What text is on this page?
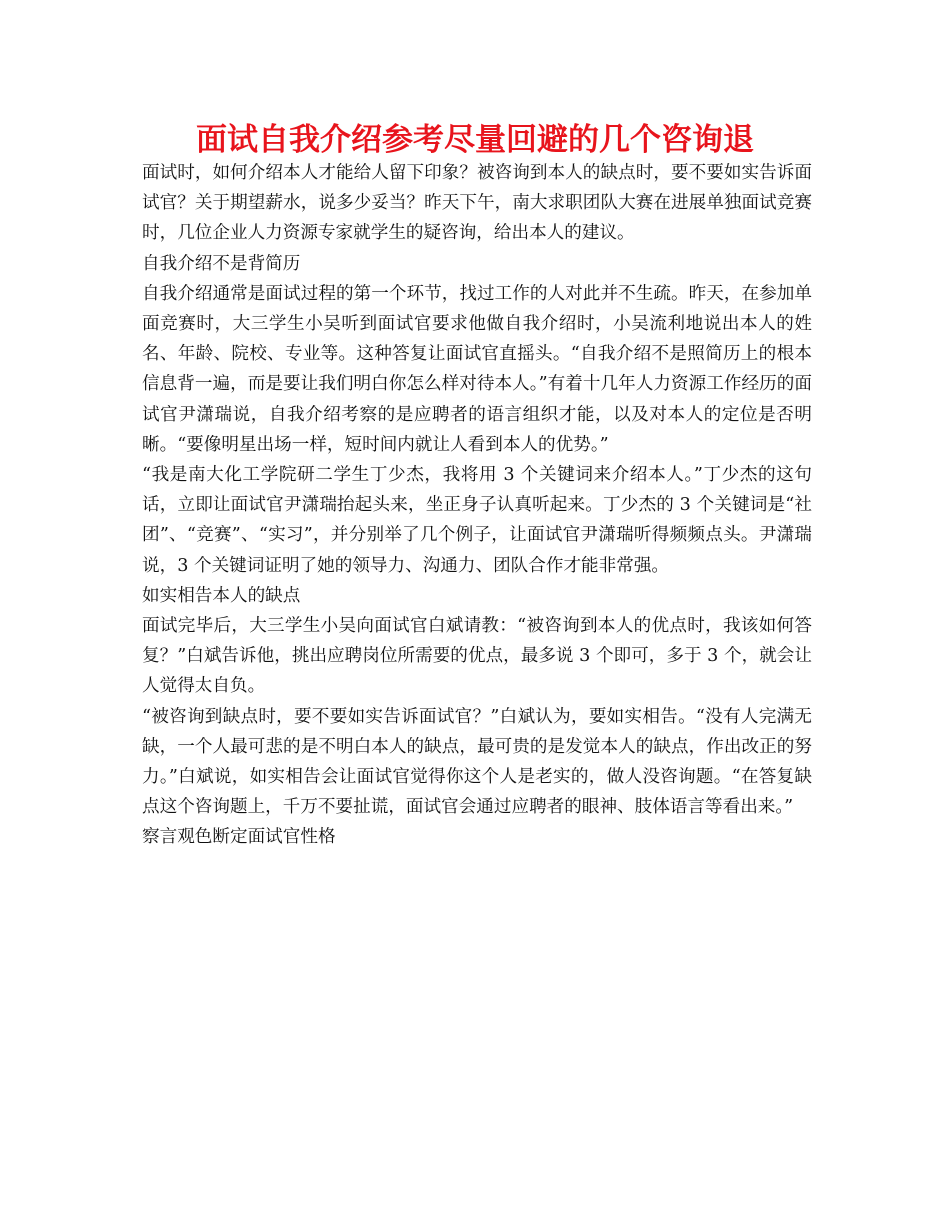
面试自我介绍参考尽量回避的几个咨询退

面试时，如何介绍本人才能给人留下印象？被咨询到本人的缺点时，要不要如实告诉面试官？关于期望薪水，说多少妥当？昨天下午，南大求职团队大赛在进展单独面试竞赛时，几位企业人力资源专家就学生的疑咨询，给出本人的建议。

自我介绍不是背简历

自我介绍通常是面试过程的第一个环节，找过工作的人对此并不生疏。昨天，在参加单面竞赛时，大三学生小吴听到面试官要求他做自我介绍时，小吴流利地说出本人的姓名、年龄、院校、专业等。这种答复让面试官直摇头。“自我介绍不是照简历上的根本信息背一遍，而是要让我们明白你怎么样对待本人。”有着十几年人力资源工作经历的面试官尹潇瑞说，自我介绍考察的是应聘者的语言组织才能，以及对本人的定位是否明晰。“要像明星出场一样，短时间内就让人看到本人的优势。”

“我是南大化工学院研二学生丁少杰，我将用 3 个关键词来介绍本人。”丁少杰的这句话，立即让面试官尹潇瑞抬起头来，坐正身子认真听起来。丁少杰的 3 个关键词是“社团”、“竞赛”、“实习”，并分别举了几个例子，让面试官尹潇瑞听得频频点头。尹潇瑞说，3 个关键词证明了她的领导力、沟通力、团队合作才能非常强。

如实相告本人的缺点

面试完毕后，大三学生小吴向面试官白斌请教：“被咨询到本人的优点时，我该如何答复？”白斌告诉他，挑出应聘岗位所需要的优点，最多说 3 个即可，多于 3 个，就会让人觉得太自负。

“被咨询到缺点时，要不要如实告诉面试官？”白斌认为，要如实相告。“没有人完满无缺，一个人最可悲的是不明白本人的缺点，最可贵的是发觉本人的缺点，作出改正的努力。”白斌说，如实相告会让面试官觉得你这个人是老实的，做人没咨询题。“在答复缺点这个咨询题上，千万不要扯谎，面试官会通过应聘者的眼神、肢体语言等看出来。”

察言观色断定面试官性格
